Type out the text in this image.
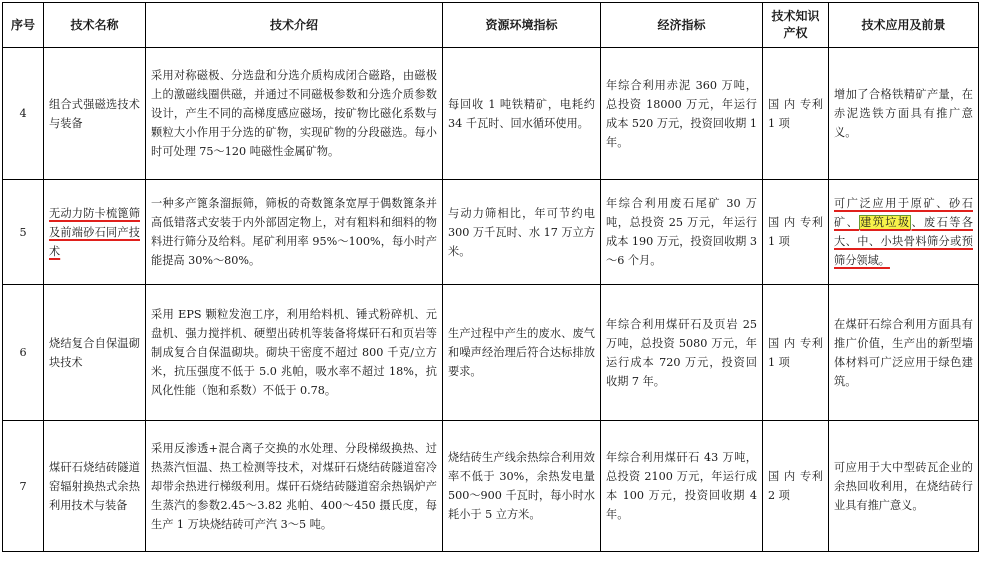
序号	技术名称	技术介绍	资源环境指标	经济指标	技术知识产权	技术应用及前景
4	组合式强磁选技术与装备	采用对称磁极、分选盘和分选介质构成闭合磁路，由磁极上的激磁线圈供磁，并通过不同磁极参数和分选介质参数设计，产生不同的高梯度感应磁场，按矿物比磁化系数与颗粒大小作用于分选的矿物，实现矿物的分段磁选。每小时可处理 75～120 吨磁性金属矿物。	每回收 1 吨铁精矿，电耗约 34 千瓦时、回水循环使用。	年综合利用赤泥 360 万吨，总投资 18000 万元，年运行成本 520 万元，投资回收期 1 年。	国 内 专利 1 项	增加了合格铁精矿产量，在赤泥选铁方面具有推广意义。
5	无动力防卡梳篦筛及前端砂石同产技术	一种多产篦条溜振筛，筛板的奇数篦条宽厚于偶数篦条并高低错落式安装于内外部固定物上，对有粗料和细料的物料进行筛分及给料。尾矿利用率 95%～100%，每小时产能提高 30%～80%。	与动力筛相比，年可节约电 300 万千瓦时、水 17 万立方米。	年综合利用废石尾矿 30 万吨，总投资 25 万元，年运行成本 190 万元，投资回收期 3～6 个月。	国 内 专利 1 项	可广泛应用于原矿、砂石矿、建筑垃圾、废石等各大、中、小块骨料筛分或预筛分领域。
6	烧结复合自保温砌块技术	采用 EPS 颗粒发泡工序，利用给料机、锤式粉碎机、元盘机、强力搅拌机、硬塑出砖机等装备将煤矸石和页岩等制成复合自保温砌块。砌块干密度不超过 800 千克/立方米，抗压强度不低于 5.0 兆帕，吸水率不超过 18%，抗风化性能（饱和系数）不低于 0.78。	生产过程中产生的废水、废气和噪声经治理后符合达标排放要求。	年综合利用煤矸石及页岩 25 万吨，总投资 5080 万元，年运行成本 720 万元，投资回收期 7 年。	国 内 专利 1 项	在煤矸石综合利用方面具有推广价值，生产出的新型墙体材料可广泛应用于绿色建筑。
7	煤矸石烧结砖隧道窑辐射换热式余热利用技术与装备	采用反渗透+混合离子交换的水处理、分段梯级换热、过热蒸汽恒温、热工检测等技术，对煤矸石烧结砖隧道窑冷却带余热进行梯级利用。煤矸石烧结砖隧道窑余热锅炉产生蒸汽的参数2.45～3.82 兆帕、400～450 摄氏度，每生产 1 万块烧结砖可产汽 3～5 吨。	烧结砖生产线余热综合利用效率不低于 30%，余热发电量500～900 千瓦时，每小时水耗小于 5 立方米。	年综合利用煤矸石 43 万吨，总投资 2100 万元，年运行成本 100 万元，投资回收期 4 年。	国 内 专利 2 项	可应用于大中型砖瓦企业的余热回收利用，在烧结砖行业具有推广意义。
